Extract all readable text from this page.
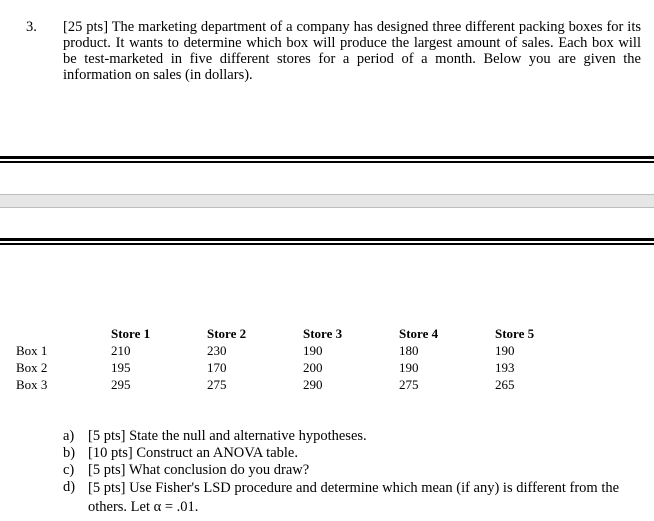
3. [25 pts] The marketing department of a company has designed three different packing boxes for its product. It wants to determine which box will produce the largest amount of sales. Each box will be test-marketed in five different stores for a period of a month. Below you are given the information on sales (in dollars).
	Store 1	Store 2	Store 3	Store 4	Store 5
Box 1	210	230	190	180	190
Box 2	195	170	200	190	193
Box 3	295	275	290	275	265
a) [5 pts] State the null and alternative hypotheses.
b) [10 pts] Construct an ANOVA table.
c) [5 pts] What conclusion do you draw?
d) [5 pts] Use Fisher's LSD procedure and determine which mean (if any) is different from the others. Let α = .01.
